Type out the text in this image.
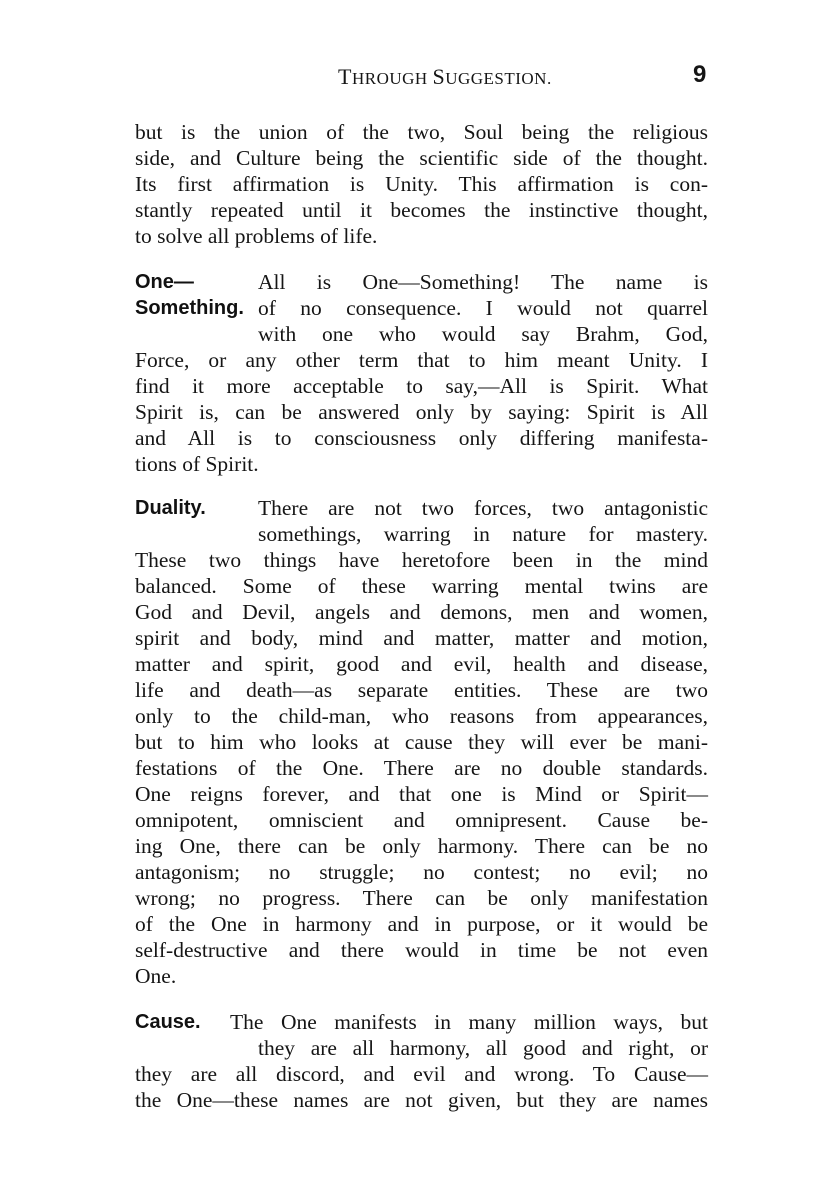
THROUGH SUGGESTION.	9
but is the union of the two, Soul being the religious
side, and Culture being the scientific side of the thought.
Its first affirmation is Unity. This affirmation is con-
stantly repeated until it becomes the instinctive thought,
to solve all problems of life.
One—
Something.
All is One—Something! The name is
of no consequence. I would not quarrel
with one who would say Brahm, God,
Force, or any other term that to him meant Unity. I
find it more acceptable to say,—All is Spirit. What
Spirit is, can be answered only by saying: Spirit is All
and All is to consciousness only differing manifesta-
tions of Spirit.
Duality. There are not two forces, two antagonistic
somethings, warring in nature for mastery.
These two things have heretofore been in the mind
balanced. Some of these warring mental twins are
God and Devil, angels and demons, men and women,
spirit and body, mind and matter, matter and motion,
matter and spirit, good and evil, health and disease,
life and death—as separate entities. These are two
only to the child-man, who reasons from appearances,
but to him who looks at cause they will ever be mani-
festations of the One. There are no double standards.
One reigns forever, and that one is Mind or Spirit—
omnipotent, omniscient and omnipresent. Cause be-
ing One, there can be only harmony. There can be no
antagonism; no struggle; no contest; no evil; no
wrong; no progress. There can be only manifestation
of the One in harmony and in purpose, or it would be
self-destructive and there would in time be not even
One.
Cause. The One manifests in many million ways, but
they are all harmony, all good and right, or
they are all discord, and evil and wrong. To Cause—
the One—these names are not given, but they are names
